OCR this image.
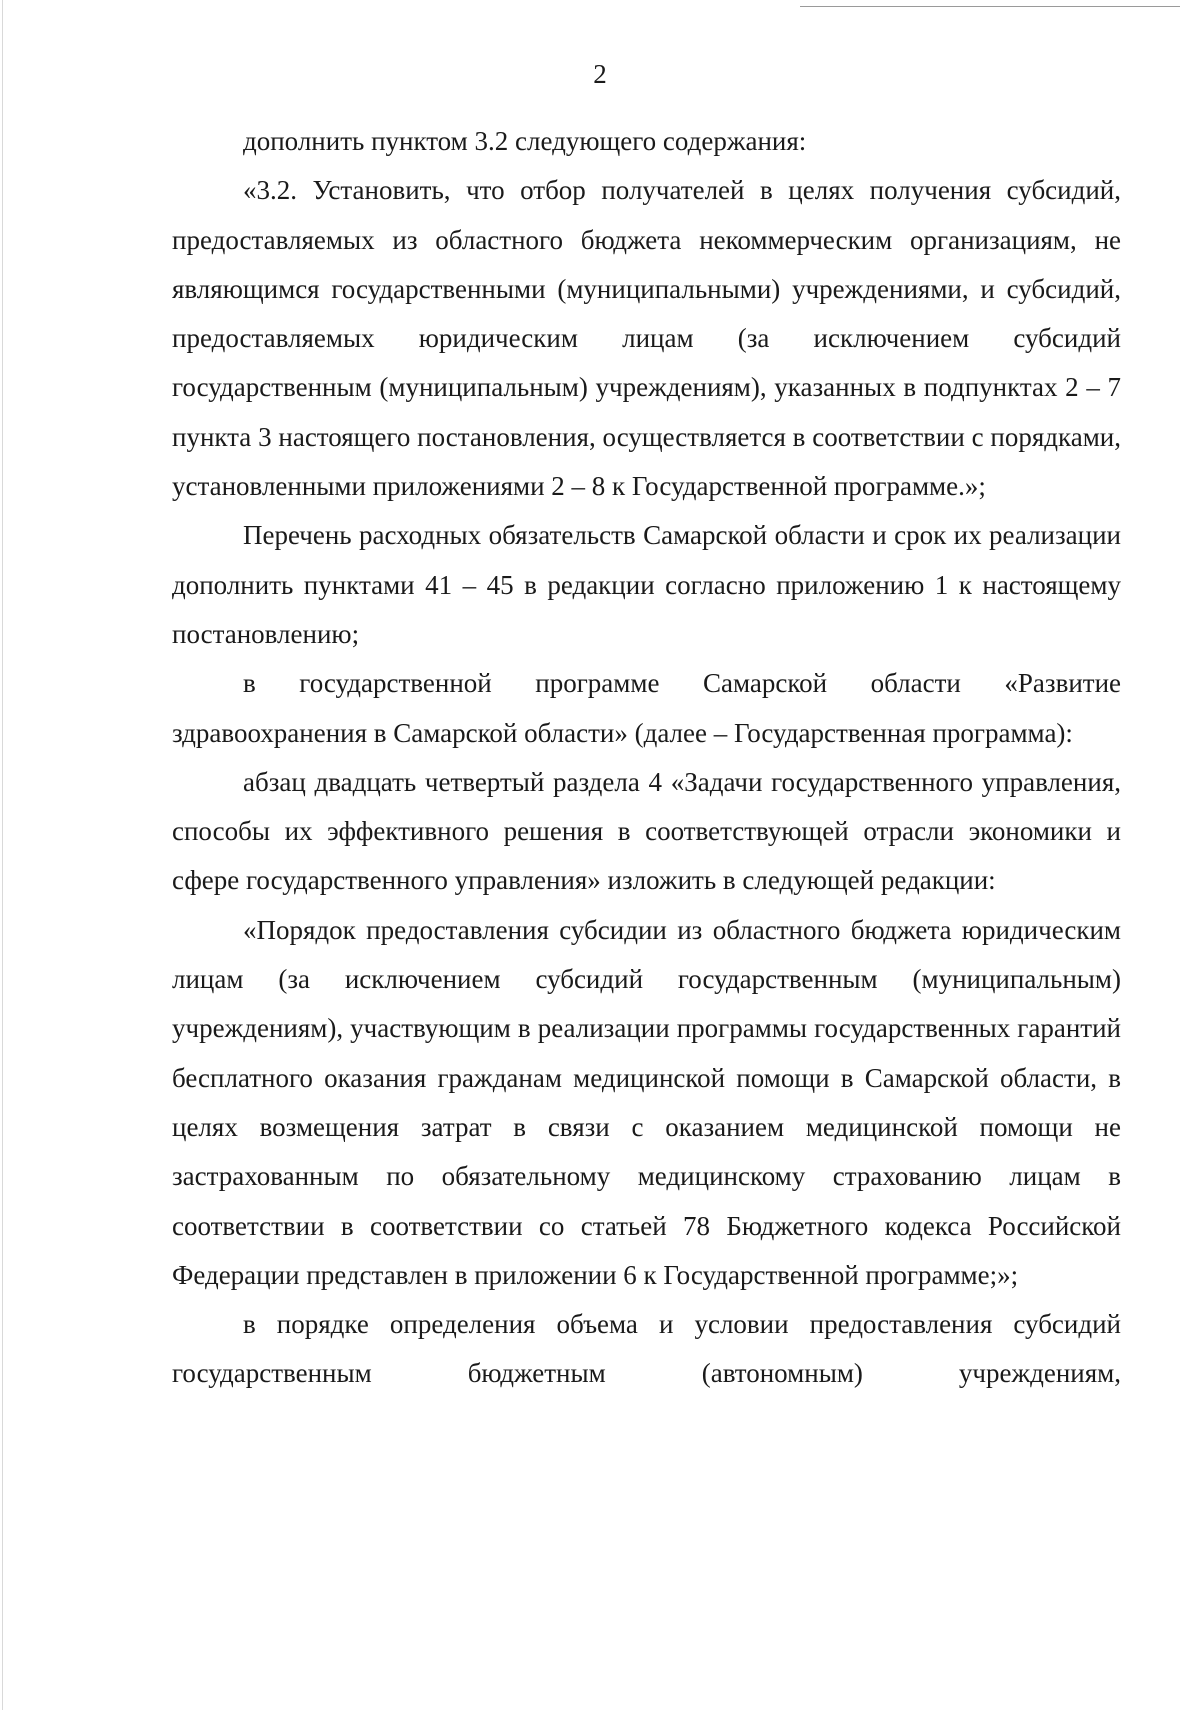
2

дополнить пунктом 3.2 следующего содержания:

«3.2. Установить, что отбор получателей в целях получения субсидий, предоставляемых из областного бюджета некоммерческим организациям, не являющимся государственными (муниципальными) учреждениями, и субсидий, предоставляемых юридическим лицам (за исключением субсидий государственным (муниципальным) учреждениям), указанных в подпунктах 2 – 7 пункта 3 настоящего постановления, осуществляется в соответствии с порядками, установленными приложениями 2 – 8 к Государственной программе.»;

Перечень расходных обязательств Самарской области и срок их реализации дополнить пунктами 41 – 45 в редакции согласно приложению 1 к настоящему постановлению;

в государственной программе Самарской области «Развитие здравоохранения в Самарской области» (далее – Государственная программа):

абзац двадцать четвертый раздела 4 «Задачи государственного управления, способы их эффективного решения в соответствующей отрасли экономики и сфере государственного управления» изложить в следующей редакции:

«Порядок предоставления субсидии из областного бюджета юридическим лицам (за исключением субсидий государственным (муниципальным) учреждениям), участвующим в реализации программы государственных гарантий бесплатного оказания гражданам медицинской помощи в Самарской области, в целях возмещения затрат в связи с оказанием медицинской помощи не застрахованным по обязательному медицинскому страхованию лицам в соответствии в соответствии со статьей 78 Бюджетного кодекса Российской Федерации представлен в приложении 6 к Государственной программе;»;

в порядке определения объема и условии предоставления субсидий государственным бюджетным (автономным) учреждениям,
